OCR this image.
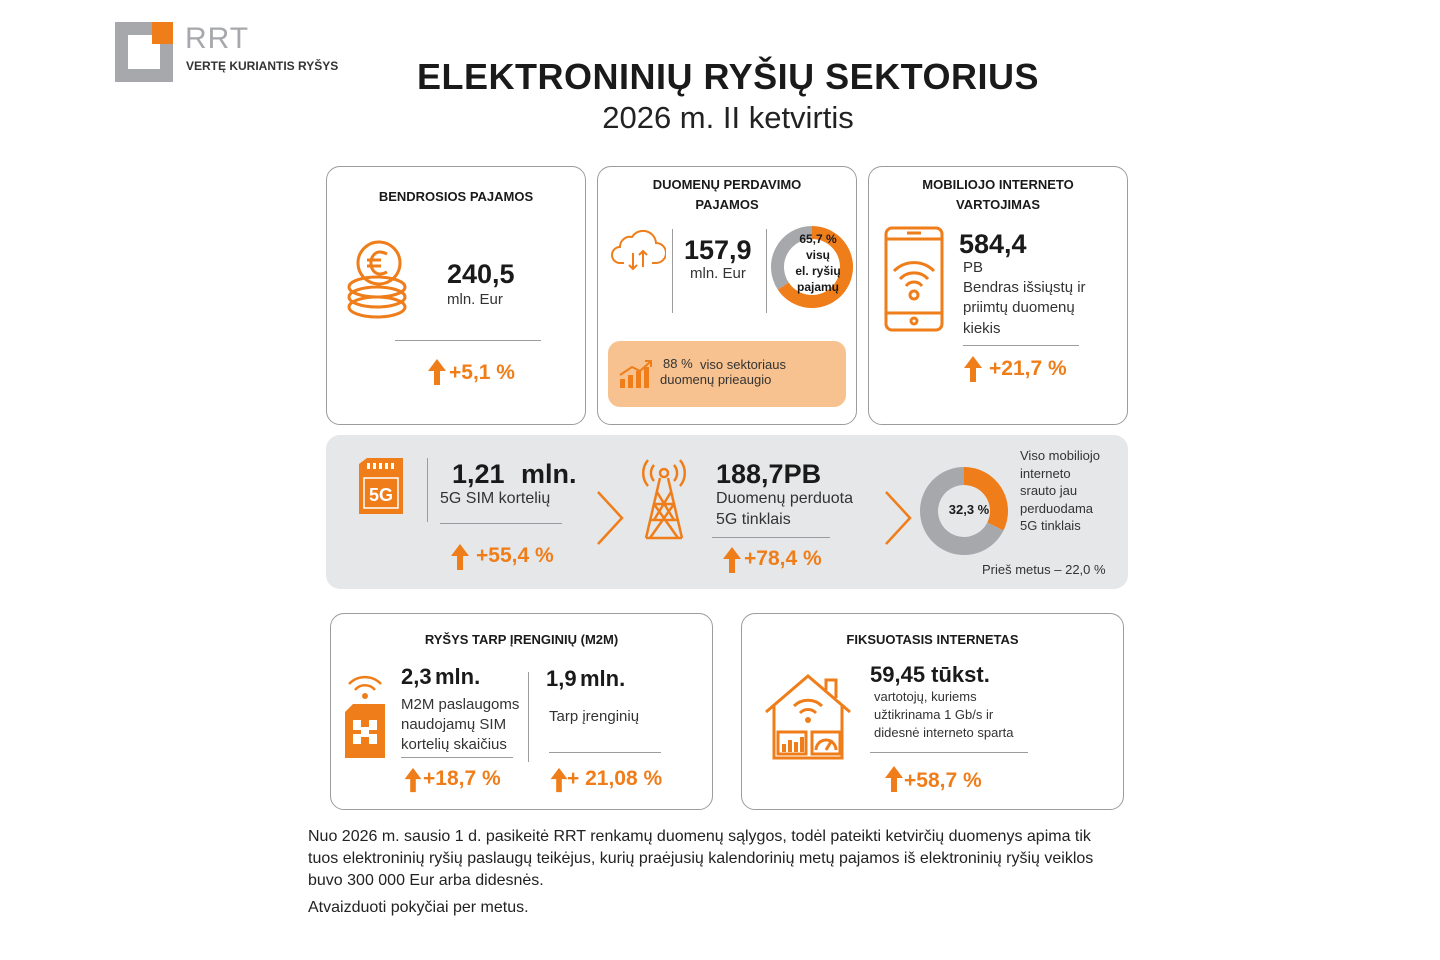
RRT
VERTĘ KURIANTIS RYŠYS	ELEKTRONINIŲ RYŠIŲ SEKTORIUS
2026 m. II ketvirtis
BENDROSIOS PAJAMOS
240,5
mln. Eur
+5,1 %
DUOMENŲ PERDAVIMO
PAJAMOS
157,9
mln. Eur
65,7 %
visų
el. ryšių
pajamų
88 % viso sektoriaus
duomenų prieaugio
MOBILIOJO INTERNETO
VARTOJIMAS
584,4
PB
Bendras išsiųstų ir
priimtų duomenų
kiekis
+21,7 %
5G
1,21 mln.
5G SIM kortelių
+55,4 %
188,7PB
Duomenų perduota
5G tinklais
+78,4 %
32,3 %
Viso mobiliojo
interneto
srauto jau
perduodama
5G tinklais
Prieš metus – 22,0 %
RYŠYS TARP ĮRENGINIŲ (M2M)
2,3 mln.
M2M paslaugoms
naudojamų SIM
kortelių skaičius
+18,7 %
1,9 mln.
Tarp įrenginių
+ 21,08 %
FIKSUOTASIS INTERNETAS
59,45 tūkst.
vartotojų, kuriems
užtikrinama 1 Gb/s ir
didesnė interneto sparta
+58,7 %
Nuo 2026 m. sausio 1 d. pasikeitė RRT renkamų duomenų sąlygos, todėl pateikti ketvirčių duomenys apima tik
tuos elektroninių ryšių paslaugų teikėjus, kurių praėjusių kalendorinių metų pajamos iš elektroninių ryšių veiklos
buvo 300 000 Eur arba didesnės.
Atvaizduoti pokyčiai per metus.
